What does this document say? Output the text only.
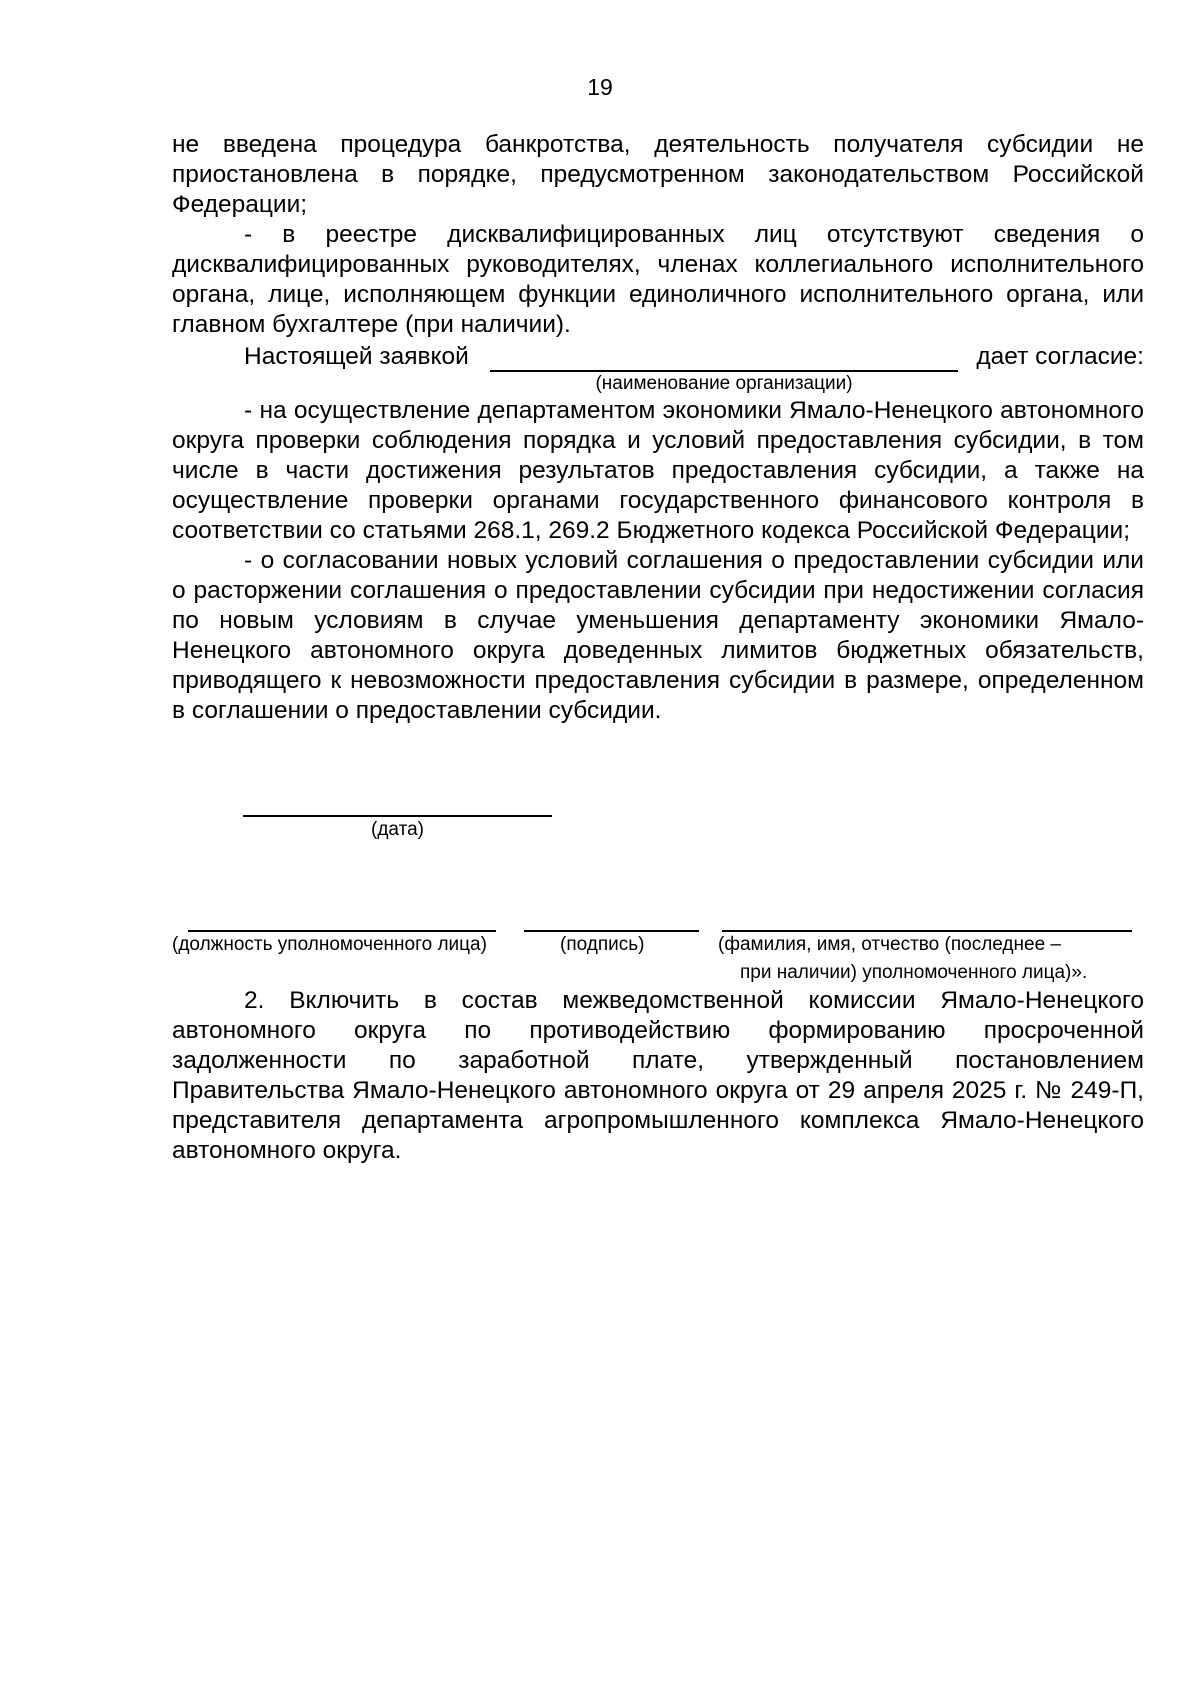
19

не введена процедура банкротства, деятельность получателя субсидии не приостановлена в порядке, предусмотренном законодательством Российской Федерации;

- в реестре дисквалифицированных лиц отсутствуют сведения о дисквалифицированных руководителях, членах коллегиального исполнительного органа, лице, исполняющем функции единоличного исполнительного органа, или главном бухгалтере (при наличии).

Настоящей заявкой	дает согласие:
(наименование организации)

- на осуществление департаментом экономики Ямало-Ненецкого автономного округа проверки соблюдения порядка и условий предоставления субсидии, в том числе в части достижения результатов предоставления субсидии, а также на осуществление проверки органами государственного финансового контроля в соответствии со статьями 268.1, 269.2 Бюджетного кодекса Российской Федерации;

- о согласовании новых условий соглашения о предоставлении субсидии или о расторжении соглашения о предоставлении субсидии при недостижении согласия по новым условиям в случае уменьшения департаменту экономики Ямало-Ненецкого автономного округа доведенных лимитов бюджетных обязательств, приводящего к невозможности предоставления субсидии в размере, определенном в соглашении о предоставлении субсидии.

(дата)
(должность уполномоченного лица)	(подпись)	(фамилия, имя, отчество (последнее –
при наличии) уполномоченного лица)».

2. Включить в состав межведомственной комиссии Ямало-Ненецкого автономного округа по противодействию формированию просроченной задолженности по заработной плате, утвержденный постановлением Правительства Ямало-Ненецкого автономного округа от 29 апреля 2025 г. № 249-П, представителя департамента агропромышленного комплекса Ямало-Ненецкого автономного округа.
